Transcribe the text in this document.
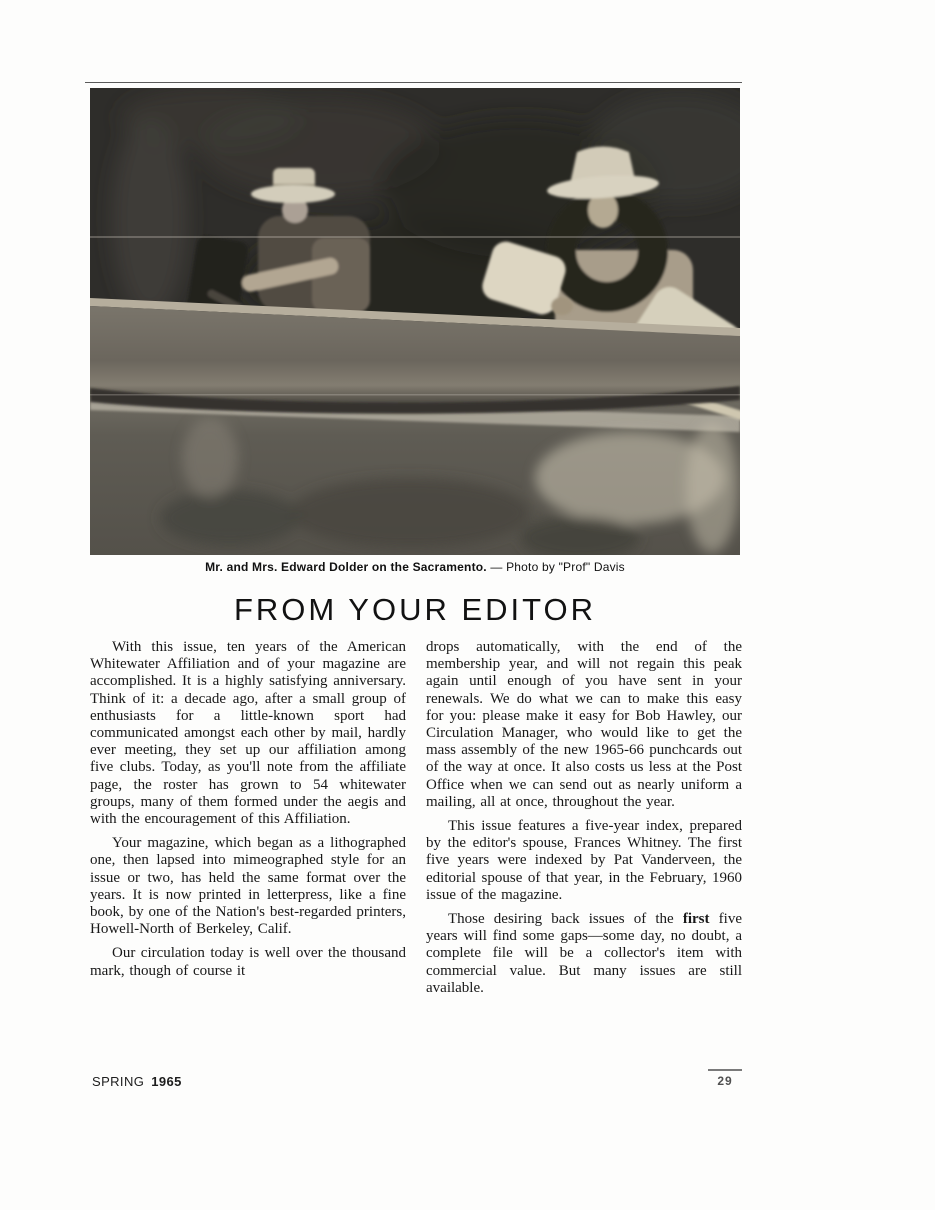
Mr. and Mrs. Edward Dolder on the Sacramento. — Photo by "Prof" Davis
FROM YOUR EDITOR

With this issue, ten years of the American Whitewater Affiliation and of your magazine are accomplished. It is a highly satisfying anniversary. Think of it: a decade ago, after a small group of enthusiasts for a little-known sport had communicated amongst each other by mail, hardly ever meeting, they set up our affiliation among five clubs. Today, as you'll note from the affiliate page, the roster has grown to 54 whitewater groups, many of them formed under the aegis and with the encouragement of this Affiliation.

Your magazine, which began as a lithographed one, then lapsed into mimeographed style for an issue or two, has held the same format over the years. It is now printed in letterpress, like a fine book, by one of the Nation's best-regarded printers, Howell-North of Berkeley, Calif.

Our circulation today is well over the thousand mark, though of course it

drops automatically, with the end of the membership year, and will not regain this peak again until enough of you have sent in your renewals. We do what we can to make this easy for you: please make it easy for Bob Hawley, our Circulation Manager, who would like to get the mass assembly of the new 1965-66 punchcards out of the way at once. It also costs us less at the Post Office when we can send out as nearly uniform a mailing, all at once, throughout the year.

This issue features a five-year index, prepared by the editor's spouse, Frances Whitney. The first five years were indexed by Pat Vanderveen, the editorial spouse of that year, in the February, 1960 issue of the magazine.

Those desiring back issues of the first five years will find some gaps—some day, no doubt, a complete file will be a collector's item with commercial value. But many issues are still available.

SPRING 1965	29
